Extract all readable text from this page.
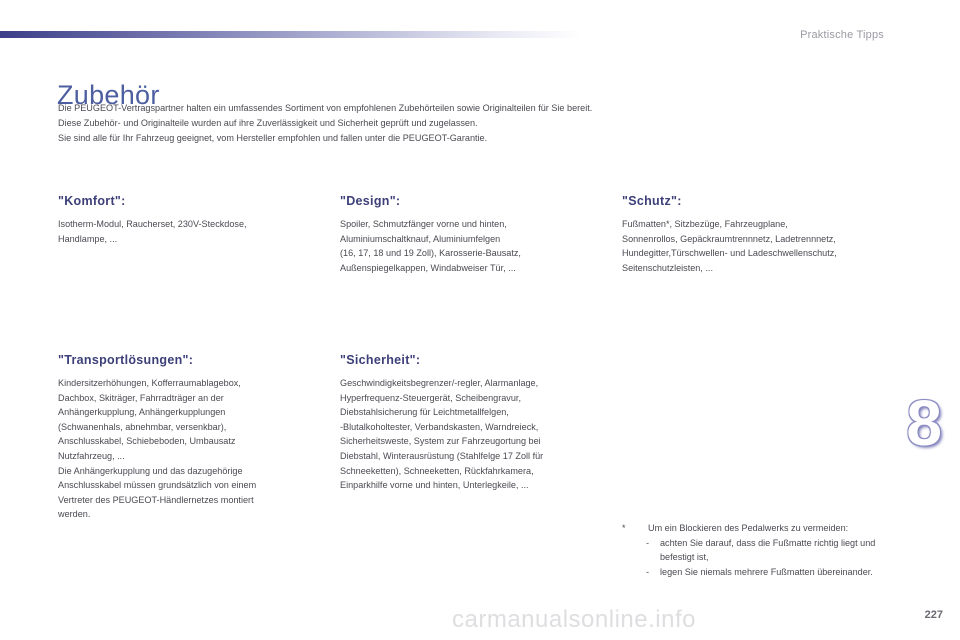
Praktische Tipps
Zubehör

Die PEUGEOT-Vertragspartner halten ein umfassendes Sortiment von empfohlenen Zubehörteilen sowie Originalteilen für Sie bereit.

Diese Zubehör- und Originalteile wurden auf ihre Zuverlässigkeit und Sicherheit geprüft und zugelassen.

Sie sind alle für Ihr Fahrzeug geeignet, vom Hersteller empfohlen und fallen unter die PEUGEOT-Garantie.

"Komfort":
Isotherm-Modul, Raucherset, 230V-Steckdose,
Handlampe, ...
"Design":
Spoiler, Schmutzfänger vorne und hinten,
Aluminiumschaltknauf, Aluminiumfelgen
(16, 17, 18 und 19 Zoll), Karosserie-Bausatz,
Außenspiegelkappen, Windabweiser Tür, ...
"Schutz":
Fußmatten*, Sitzbezüge, Fahrzeugplane,
Sonnenrollos, Gepäckraumtrennnetz, Ladetrennnetz,
Hundegitter,Türschwellen- und Ladeschwellenschutz,
Seitenschutzleisten, ...
"Transportlösungen":
Kindersitzerhöhungen, Kofferraumablagebox,
Dachbox, Skiträger, Fahrradträger an der
Anhängerkupplung, Anhängerkupplungen
(Schwanenhals, abnehmbar, versenkbar),
Anschlusskabel, Schiebeboden, Umbausatz
Nutzfahrzeug, ...
Die Anhängerkupplung und das dazugehörige
Anschlusskabel müssen grundsätzlich von einem
Vertreter des PEUGEOT-Händlernetzes montiert
werden.
"Sicherheit":
Geschwindigkeitsbegrenzer/-regler, Alarmanlage,
Hyperfrequenz-Steuergerät, Scheibengravur,
Diebstahlsicherung für Leichtmetallfelgen,
-Blutalkoholtester, Verbandskasten, Warndreieck,
Sicherheitsweste, System zur Fahrzeugortung bei
Diebstahl, Winterausrüstung (Stahlfelge 17 Zoll für
Schneeketten), Schneeketten, Rückfahrkamera,
Einparkhilfe vorne und hinten, Unterlegkeile, ...
8
* Um ein Blockieren des Pedalwerks zu vermeiden:
- achten Sie darauf, dass die Fußmatte richtig liegt und befestigt ist,
- legen Sie niemals mehrere Fußmatten übereinander.
carmanualsonline.info	227
